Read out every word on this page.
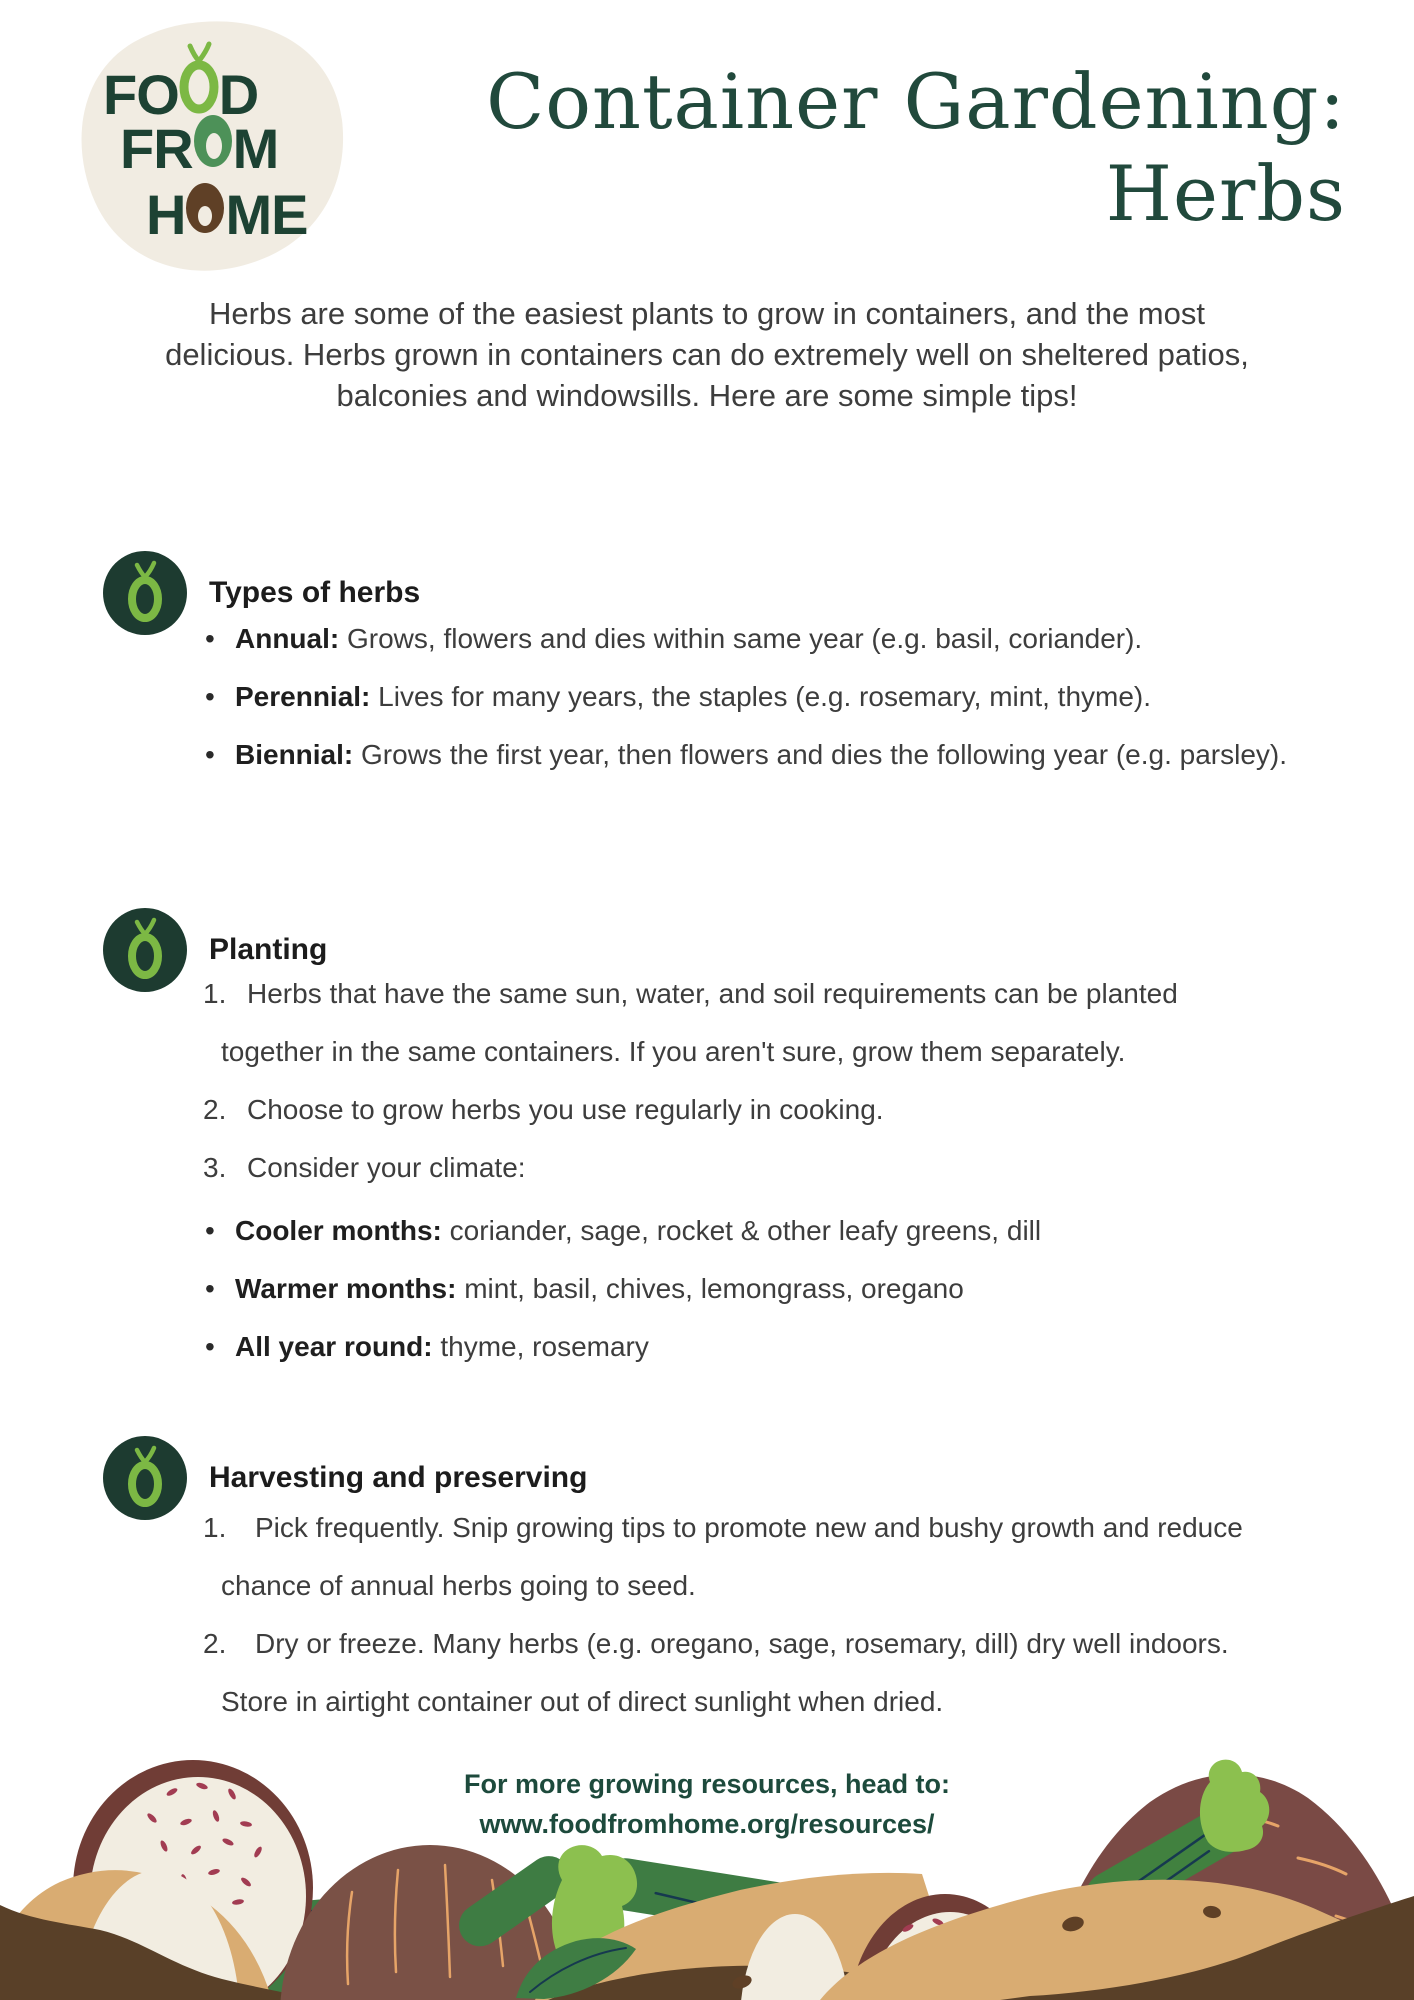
FO D
FR M
H ME
Container Gardening:
Herbs
Herbs are some of the easiest plants to grow in containers, and the most delicious. Herbs grown in containers can do extremely well on sheltered patios, balconies and windowsills. Here are some simple tips!
Types of herbs
• Annual: Grows, flowers and dies within same year (e.g. basil, coriander).
• Perennial: Lives for many years, the staples (e.g. rosemary, mint, thyme).
• Biennial: Grows the first year, then flowers and dies the following year (e.g. parsley).
Planting
Herbs that have the same sun, water, and soil requirements can be planted together in the same containers. If you aren't sure, grow them separately.
Choose to grow herbs you use regularly in cooking.
Consider your climate:
• Cooler months: coriander, sage, rocket & other leafy greens, dill
• Warmer months: mint, basil, chives, lemongrass, oregano
• All year round: thyme, rosemary
Harvesting and preserving
Pick frequently. Snip growing tips to promote new and bushy growth and reduce chance of annual herbs going to seed.
Dry or freeze. Many herbs (e.g. oregano, sage, rosemary, dill) dry well indoors. Store in airtight container out of direct sunlight when dried.
For more growing resources, head to:
www.foodfromhome.org/resources/
